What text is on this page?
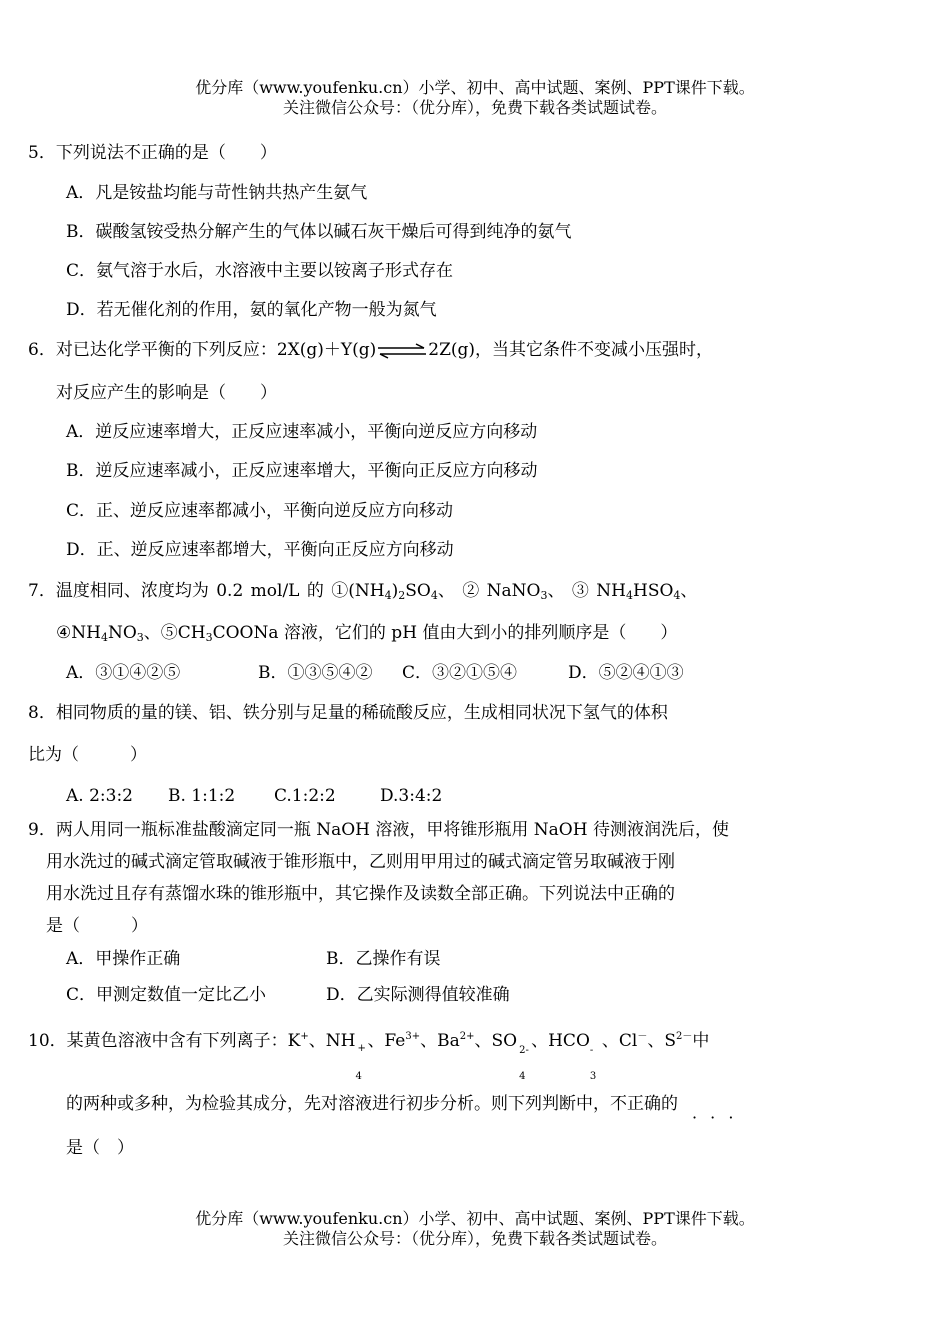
优分库（www.youfenku.cn）小学、初中、高中试题、案例、PPT课件下载。
关注微信公众号：（优分库），免费下载各类试题试卷。
5．下列说法不正确的是（　　）
A．凡是铵盐均能与苛性钠共热产生氨气
B．碳酸氢铵受热分解产生的气体以碱石灰干燥后可得到纯净的氨气
C．氨气溶于水后，水溶液中主要以铵离子形式存在
D．若无催化剂的作用，氨的氧化产物一般为氮气
6．对已达化学平衡的下列反应：2X(g)＋Y(g)⇌2Z(g)，当其它条件不变减小压强时，
对反应产生的影响是（　　）
A．逆反应速率增大，正反应速率减小，平衡向逆反应方向移动
B．逆反应速率减小，正反应速率增大，平衡向正反应方向移动
C．正、逆反应速率都减小，平衡向逆反应方向移动
D．正、逆反应速率都增大，平衡向正反应方向移动
7．温度相同、浓度均为 0.2 mol/L 的 $①(NH_4)_2SO_4$、 ② NaNO$_3$、 ③ $NH_4HSO_4$、
$④NH_4NO_3$、$⑤CH_3COONa$ 溶液，它们的 pH 值由大到小的排列顺序是（　　）
A．③①④②⑤	B．①③⑤④② C．③②①⑤④	D．⑤②④①③
8．相同物质的量的镁、铝、铁分别与足量的稀硫酸反应，生成相同状况下氢气的体积
比为（　　　）
A. 2:3:2 B. 1:1:2 C.1:2:2	D.3:4:2
9．两人用同一瓶标准盐酸滴定同一瓶 NaOH 溶液，甲将锥形瓶用 NaOH 待测液润洗后，使
用水洗过的碱式滴定管取碱液于锥形瓶中，乙则用甲用过的碱式滴定管另取碱液于刚
用水洗过且存有蒸馏水珠的锥形瓶中，其它操作及读数全部正确。下列说法中正确的
是（　　　）
A．甲操作正确	B．乙操作有误
C．甲测定数值一定比乙小	D．乙实际测得值较准确
10．某黄色溶液中含有下列离子：K+、NH +
4
、$Fe^{3+}$、$Ba^{2+}$、SO 2-
4
、HCO -
3
、Cl－、$S^{2-}$中
的两种或多种，为检验其成分，先对溶液进行初步分析。则下列判断中，不正确的
· · ·
是（　）
优分库（www.youfenku.cn）小学、初中、高中试题、案例、PPT课件下载。
关注微信公众号：（优分库），免费下载各类试题试卷。
